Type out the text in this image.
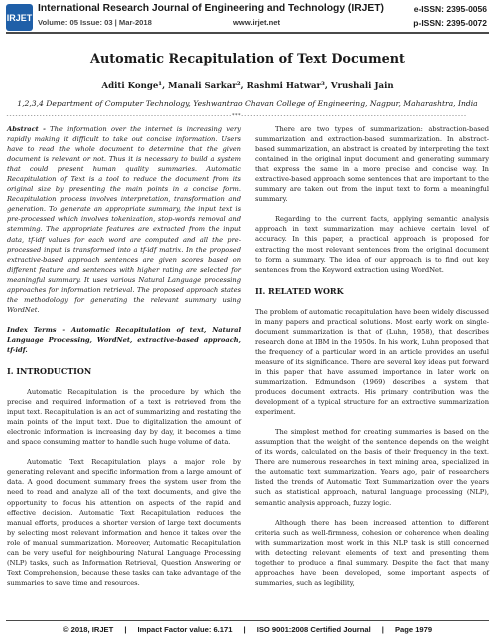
IRJET
International Research Journal of Engineering and Technology (IRJET)	e-ISSN: 2395-0056
Volume: 05 Issue: 03 | Mar-2018	www.irjet.net	p-ISSN: 2395-0072
Automatic Recapitulation of Text Document
Aditi Konge¹, Manali Sarkar², Rashmi Hatwar³, Vrushali Jain
1,2,3,4 Department of Computer Technology, Yeshwantrao Chavan College of Engineering, Nagpur, Maharashtra, India
---------------------------------------------------------------------------***---------------------------------------------------------------------------

Abstract - The information over the internet is increasing very rapidly making it difficult to take out concise information. Users have to read the whole document to determine that the given document is relevant or not. Thus it is necessary to build a system that could present human quality summaries. Automatic Recapitulation of Text is a tool to reduce the document from its original size by presenting the main points in a concise form. Recapitulation process involves interpretation, transformation and generation. To generate an appropriate summary, the input text is pre-processed which involves tokenization, stop-words removal and stemming. The appropriate features are extracted from the input data, tf-idf values for each word are computed and all the pre-processed input is transformed into a tf-idf matrix. In the proposed extractive-based approach sentences are given scores based on different feature and sentences with higher rating are selected for meaningful summary. It uses various Natural Language processing approaches for information retrieval. The proposed approach states the methodology for generating the relevant summary using WordNet.

Index Terms - Automatic Recapitulation of text, Natural Language Processing, WordNet, extractive-based approach, tf-idf.

I. INTRODUCTION

Automatic Recapitulation is the procedure by which the precise and required information of a text is retrieved from the input text. Recapitulation is an act of summarizing and restating the main points of the input text. Due to digitalization the amount of electronic information is increasing day by day, it becomes a time and space consuming matter to handle such huge volume of data.

Automatic Text Recapitulation plays a major role by generating relevant and specific information from a large amount of data. A good document summary frees the system user from the need to read and analyze all of the text documents, and give the opportunity to focus his attention on aspects of the rapid and effective decision. Automatic Text Recapitulation reduces the manual efforts, produces a shorter version of large text documents by selecting most relevant information and hence it takes over the role of manual summarization. Moreover, Automatic Recapitulation can be very useful for neighbouring Natural Language Processing (NLP) tasks, such as Information Retrieval, Question Answering or Text Comprehension, because these tasks can take advantage of the summaries to save time and resources.

There are two types of summarization: abstraction-based summarization and extraction-based summarization. In abstract-based summarization, an abstract is created by interpreting the text contained in the original input document and generating summary that express the same in a more precise and concise way. In extractive-based approach some sentences that are important to the summary are taken out from the input text to form a meaningful summary.

Regarding to the current facts, applying semantic analysis approach in text summarization may achieve certain level of accuracy. In this paper, a practical approach is proposed for extracting the most relevant sentences from the original document to form a summary. The idea of our approach is to find out key sentences from the Keyword extraction using WordNet.

II. RELATED WORK

The problem of automatic recapitulation have been widely discussed in many papers and practical solutions. Most early work on single-document summarization is that of (Luhn, 1958), that describes research done at IBM in the 1950s. In his work, Luhn proposed that the frequency of a particular word in an article provides an useful measure of its significance. There are several key ideas put forward in this paper that have assumed importance in later work on summarization. Edmundson (1969) describes a system that produces document extracts. His primary contribution was the development of a typical structure for an extractive summarization experiment.

The simplest method for creating summaries is based on the assumption that the weight of the sentence depends on the weight of its words, calculated on the basis of their frequency in the text. There are numerous researches in text mining area, specialized in the automatic text summarization. Years ago, pair of researchers listed the trends of Automatic Text Summarization over the years such as statistical approach, natural language processing (NLP), semantic analysis approach, fuzzy logic.

Although there has been increased attention to different criteria such as well-firmness, cohesion or coherence when dealing with summarization most work in this NLP task is still concerned with detecting relevant elements of text and presenting them together to produce a final summary. Despite the fact that many approaches have been developed, some important aspects of summaries, such as legibility,

© 2018, IRJET | Impact Factor value: 6.171 | ISO 9001:2008 Certified Journal | Page 1979
